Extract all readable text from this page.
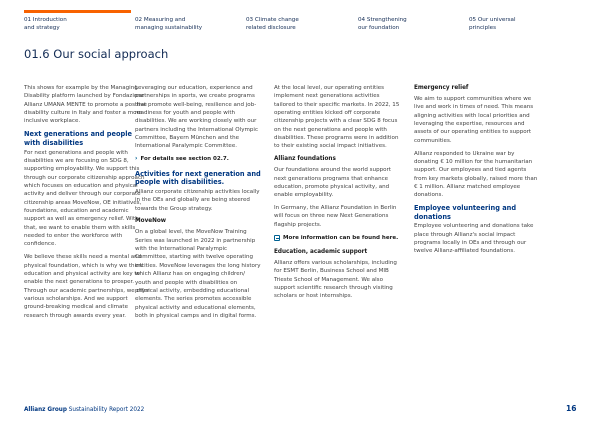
01 Introduction
and strategy
02 Measuring and
managing sustainability
03 Climate change
related disclosure
04 Strengthening
our foundation
05 Our universal
principles
01.6 Our social approach

This shows for example by the Managing Disability platform launched by Fondazione Allianz UMANA MENTE to promote a positive disability culture in Italy and foster a more inclusive workplace.

Next generations and people with disabilities

For next generations and people with disabilities we are focusing on SDG 8, supporting employability. We support this through our corporate citizenship approach which focuses on education and physical activity and deliver through our corporate citizenship areas MoveNow, OE initiatives, foundations, education and academic support as well as emergency relief. With that, we want to enable them with skills needed to enter the workforce with confidence.

We believe these skills need a mental and physical foundation, which is why we think education and physical activity are key to enable the next generations to prosper. Through our academic partnerships, we offer various scholarships. And we support ground-breaking medical and climate research through awards every year.

Leveraging our education, experience and partnerships in sports, we create programs that promote well-being, resilience and job-readiness for youth and people with disabilities. We are working closely with our partners including the International Olympic Committee, Bayern München and the International Paralympic Committee.

› For details see section 02.7.
Activities for next generation and people with disabilities.

Allianz corporate citizenship activities locally in the OEs and globally are being steered towards the Group strategy.

MoveNow

On a global level, the MoveNow Training Series was launched in 2022 in partnership with the International Paralympic Committee, starting with twelve operating entities. MoveNow leverages the long history which Allianz has on engaging children/ youth and people with disabilities on physical activity, embedding educational elements. The series promotes accessible physical activity and educational elements, both in physical camps and in digital forms.

At the local level, our operating entities implement next generations activities tailored to their specific markets. In 2022, 15 operating entities kicked off corporate citizenship projects with a clear SDG 8 focus on the next generations and people with disabilities. These programs were in addition to their existing social impact initiatives.

Allianz foundations

Our foundations around the world support next generations programs that enhance education, promote physical activity, and enable employability.

In Germany, the Allianz Foundation in Berlin will focus on three new Next Generations flagship projects.

More information can be found here.
Education, academic support

Allianz offers various scholarships, including for ESMT Berlin, Business School and MIB Trieste School of Management. We also support scientific research through visiting scholars or host internships.

Emergency relief

We aim to support communities where we live and work in times of need. This means aligning activities with local priorities and leveraging the expertise, resources and assets of our operating entities to support communities.

Allianz responded to Ukraine war by donating € 10 million for the humanitarian support. Our employees and tied agents from key markets globally, raised more than € 1 million. Allianz matched employee donations.

Employee volunteering and donations

Employee volunteering and donations take place through Allianz's social impact programs locally in OEs and through our twelve Allianz-affiliated foundations.

Allianz Group Sustainability Report 2022	16
